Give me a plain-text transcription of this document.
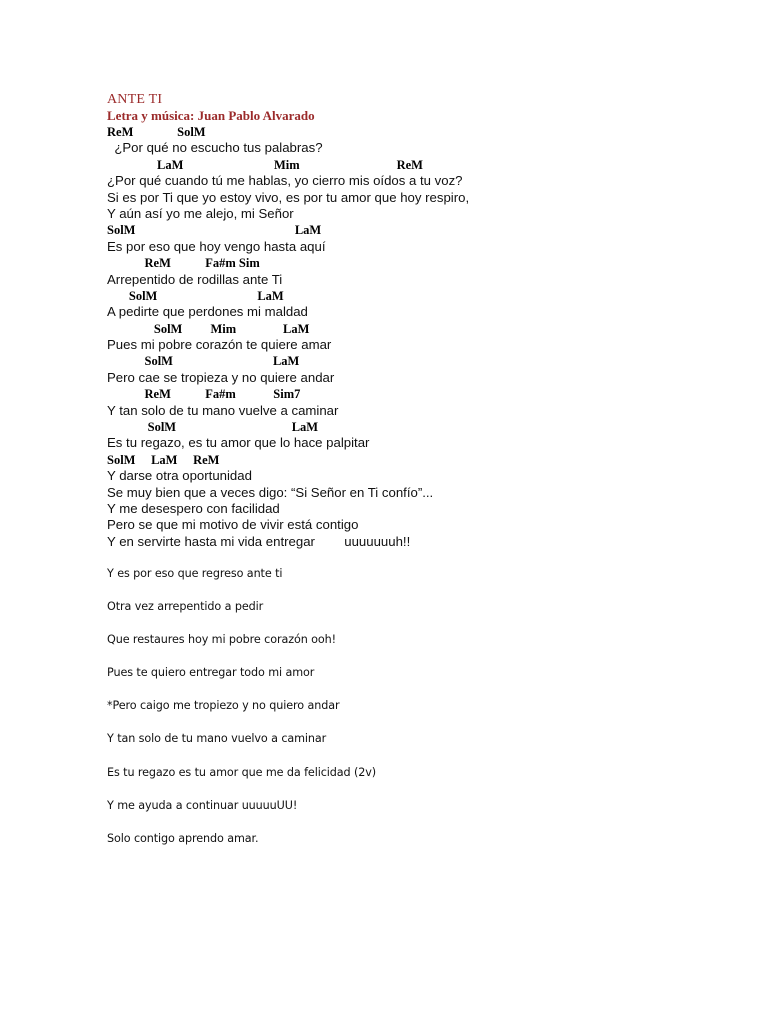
ANTE TI
Letra y música: Juan Pablo Alvarado
ReM              SolM
¿Por qué no escucho tus palabras?
LaM                             Mim                               ReM
¿Por qué cuando tú me hablas, yo cierro mis oídos a tu voz?
Si es por Ti que yo estoy vivo, es por tu amor que hoy respiro,
Y aún así yo me alejo, mi Señor
SolM                                                   LaM
Es por eso que hoy vengo hasta aquí
ReM           Fa#m Sim
Arrepentido de rodillas ante Ti
SolM                                LaM
A pedirte que perdones mi maldad
SolM         Mim               LaM
Pues mi pobre corazón te quiere amar
SolM                                LaM
Pero cae se tropieza y no quiere andar
ReM           Fa#m            Sim7
Y tan solo de tu mano vuelve a caminar
SolM                                     LaM
Es tu regazo, es tu amor que lo hace palpitar
SolM     LaM     ReM
Y darse otra oportunidad
Se muy bien que a veces digo: “Si Señor en Ti confío”...
Y me desespero con facilidad
Pero se que mi motivo de vivir está contigo
Y en servirte hasta mi vida entregar        uuuuuuuh!!
Y es por eso que regreso ante ti
Otra vez arrepentido a pedir
Que restaures hoy mi pobre corazón ooh!
Pues te quiero entregar todo mi amor
*Pero caigo me tropiezo y no quiero andar
Y tan solo de tu mano vuelvo a caminar
Es tu regazo es tu amor que me da felicidad (2v)
Y me ayuda a continuar uuuuuUU!
Solo contigo aprendo amar.
